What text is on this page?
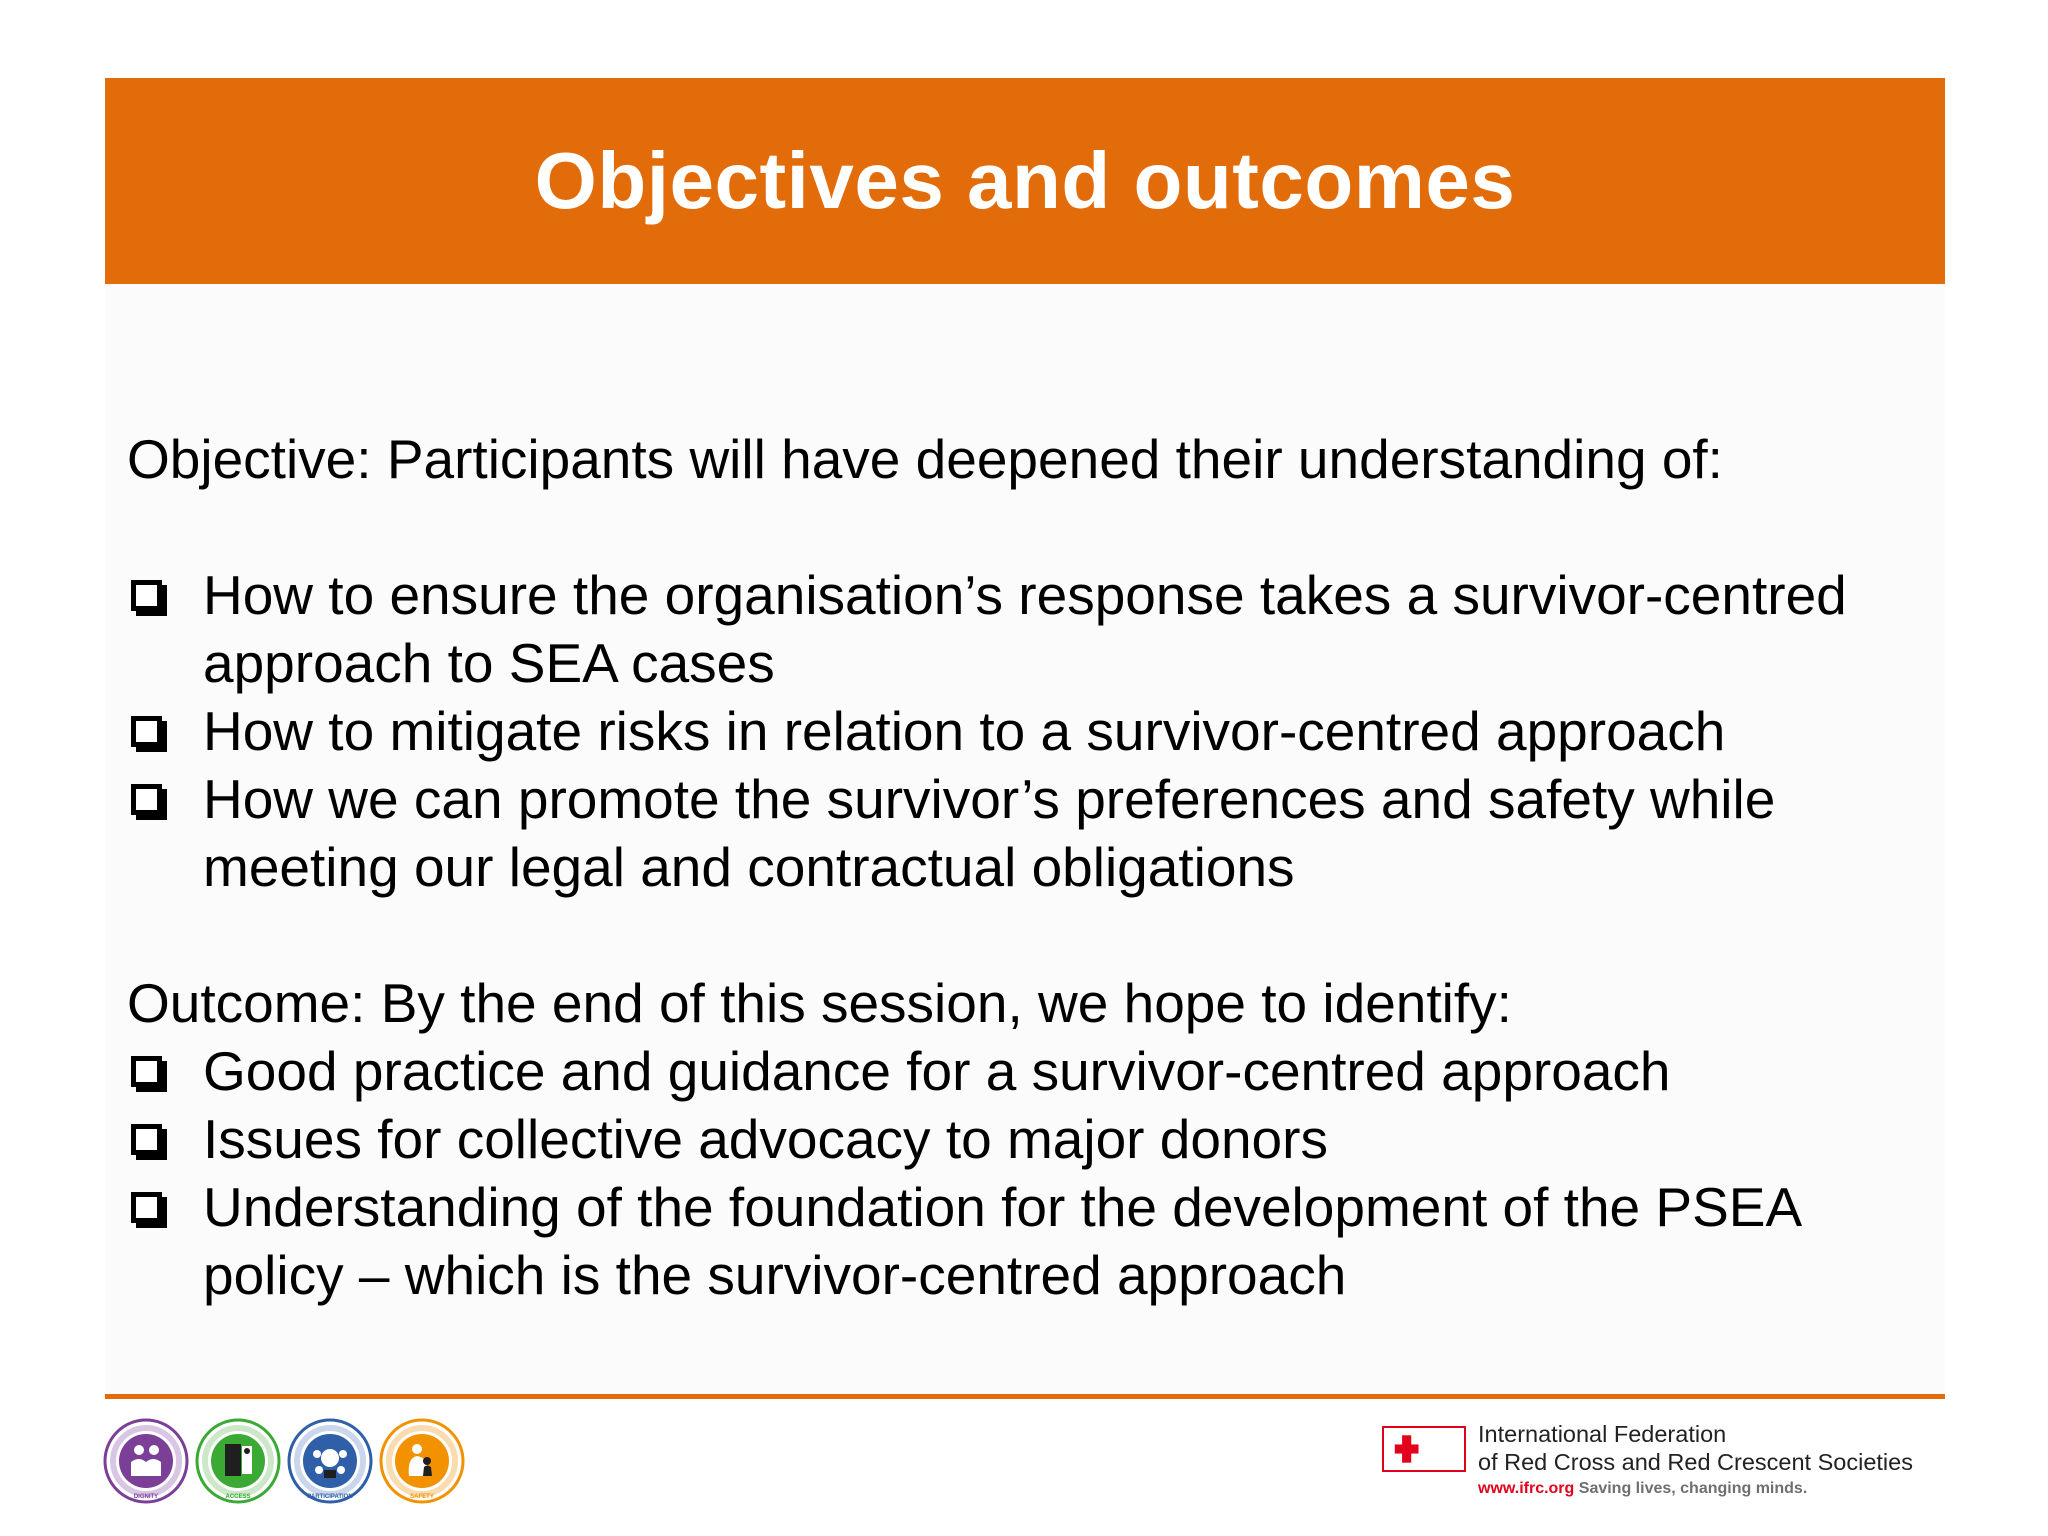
Objectives and outcomes

Objective: Participants will have deepened their understanding of:

How to ensure the organisation’s response takes a survivor-centred approach to SEA cases
How to mitigate risks in relation to a survivor-centred approach
How we can promote the survivor’s preferences and safety while meeting our legal and contractual obligations

Outcome: By the end of this session, we hope to identify:

Good practice and guidance for a survivor-centred approach
Issues for collective advocacy to major donors
Understanding of the foundation for the development of the PSEA policy – which is the survivor-centred approach
DIGNITY	ACCESS	PARTICIPATION	SAFETY
International Federation
of Red Cross and Red Crescent Societies
www.ifrc.org Saving lives, changing minds.
